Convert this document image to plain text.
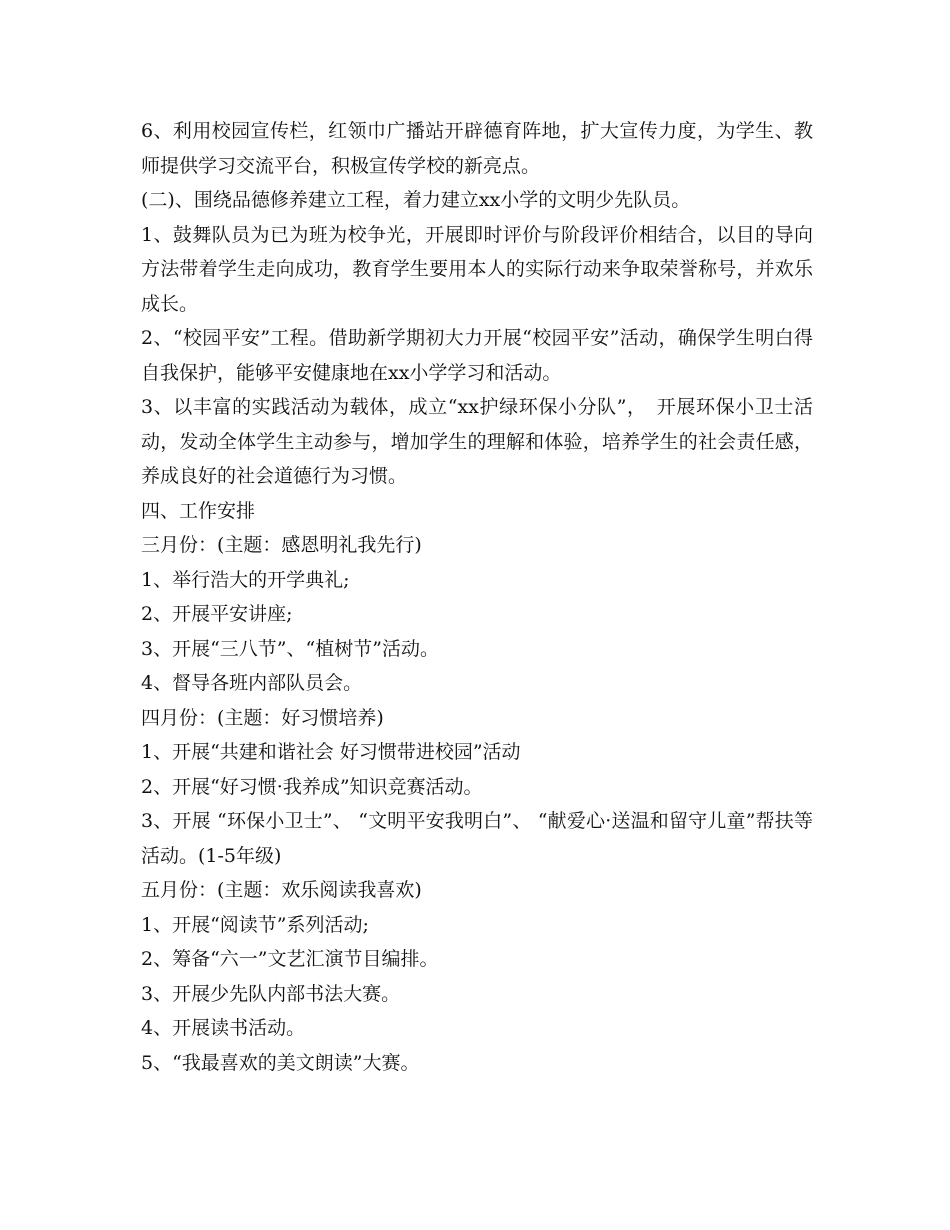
6、利用校园宣传栏，红领巾广播站开辟德育阵地，扩大宣传力度，为学生、教师提供学习交流平台，积极宣传学校的新亮点。

(二)、围绕品德修养建立工程，着力建立xx小学的文明少先队员。

1、鼓舞队员为已为班为校争光，开展即时评价与阶段评价相结合，以目的导向方法带着学生走向成功，教育学生要用本人的实际行动来争取荣誉称号，并欢乐成长。

2、“校园平安”工程。借助新学期初大力开展“校园平安”活动，确保学生明白得自我保护，能够平安健康地在xx小学学习和活动。

3、以丰富的实践活动为载体，成立“xx护绿环保小分队”，　开展环保小卫士活动，发动全体学生主动参与，增加学生的理解和体验，培养学生的社会责任感，养成良好的社会道德行为习惯。

四、工作安排

三月份：(主题：感恩明礼我先行)

1、举行浩大的开学典礼;

2、开展平安讲座;

3、开展“三八节”、“植树节”活动。

4、督导各班内部队员会。

四月份：(主题：好习惯培养)

1、开展“共建和谐社会 好习惯带进校园”活动

2、开展“好习惯·我养成”知识竞赛活动。

3、开展 “环保小卫士”、 “文明平安我明白”、 “献爱心·送温和留守儿童”帮扶等活动。(1-5年级)

五月份：(主题：欢乐阅读我喜欢)

1、开展“阅读节”系列活动;

2、筹备“六一”文艺汇演节目编排。

3、开展少先队内部书法大赛。

4、开展读书活动。

5、“我最喜欢的美文朗读”大赛。
